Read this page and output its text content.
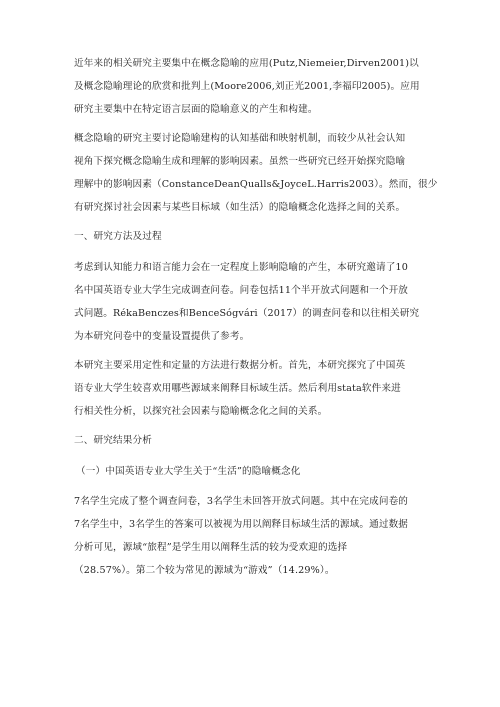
近年来的相关研究主要集中在概念隐喻的应用(Putz,Niemeier,Dirven2001)以
及概念隐喻理论的欣赏和批判上(Moore2006,刘正光2001,李福印2005)。应用
研究主要集中在特定语言层面的隐喻意义的产生和构建。

概念隐喻的研究主要讨论隐喻建构的认知基础和映射机制，而较少从社会认知
视角下探究概念隐喻生成和理解的影响因素。虽然一些研究已经开始探究隐喻
理解中的影响因素（ConstanceDeanQualls&JoyceL.Harris2003）。然而，很少
有研究探讨社会因素与某些目标域（如生活）的隐喻概念化选择之间的关系。

一、研究方法及过程

考虑到认知能力和语言能力会在一定程度上影响隐喻的产生，本研究邀请了10
名中国英语专业大学生完成调查问卷。问卷包括11个半开放式问题和一个开放
式问题。RékaBenczes和BenceSógvári（2017）的调查问卷和以往相关研究
为本研究问卷中的变量设置提供了参考。

本研究主要采用定性和定量的方法进行数据分析。首先，本研究探究了中国英
语专业大学生较喜欢用哪些源域来阐释目标域生活。然后利用stata软件来进
行相关性分析，以探究社会因素与隐喻概念化之间的关系。

二、研究结果分析

（一）中国英语专业大学生关于“生活”的隐喻概念化

7名学生完成了整个调查问卷，3名学生未回答开放式问题。其中在完成问卷的
7名学生中，3名学生的答案可以被视为用以阐释目标域生活的源域。通过数据
分析可见，源域“旅程”是学生用以阐释生活的较为受欢迎的选择
（28.57%）。第二个较为常见的源域为“游戏”（14.29%）。
